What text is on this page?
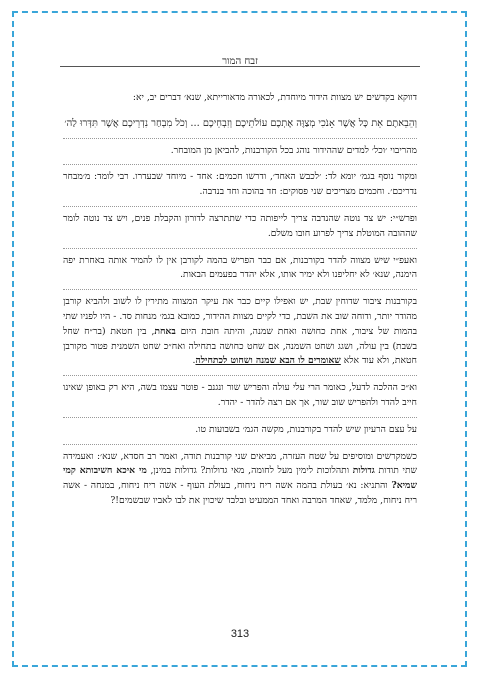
זבח המור

דווקא בקדשים יש מצוות הידור מיוחדת, לכאורה מדאורייתא, שנא׳ דברים יב, יא:

וְהֵבֵאתֶם אֵת כָּל אֲשֶׁר אָנֹכִי מְצַוֶּה אֶתְכֶם עוֹלֹתֵיכֶם וְזִבְחֵיכֶם ... וְכֹל מִבְחַר נִדְרֵיכֶם אֲשֶׁר תִּדְּרוּ לַה׳

מהריבוי ׳וכל׳ למדים שההידור נוהג בכל הקורבנות, להביאן מן המובחר.

ומקור נוסף בגמ׳ יומא לד: ׳לכבש האחד׳, ודרשו חכמים: אחד - מיוחד שבעדרו. רבי לומד: מ׳מבחר נדריכם׳. וחכמים מצריכים שני פסוקים: חד בהוכה וחד בנדבה.

ופרש״י: יש צד נוטה שהנדבה צריך לייפותה כדי שתתרצה לדורון והקבלת פנים, ויש צד נוטה לומר שההובה המוטלת צריך לפרוע חובו משלם.

ואעפ״י שיש מצווה להדר בקורבנות, אם כבר הפריש בהמה לקורבן אין לו להמיר אותה באחרת יפה הימנה, שנא׳ לא יחליפנו ולא ימיר אותו, אלא יהדר בפעמים הבאות.

בקורבנות ציבור שדוחין שבת, יש ואפילו קיים כבר את עיקר המצווה מתירין לו לשוב ולהביא קורבן מהודר יותר, ודוחה שוב את השבת, כדי לקיים מצוות ההידור, כמובא בגמ׳ מנחות סד. - היו לפניו שתי בהמות של ציבור, אחת כחושה ואחת שמנה, והיתה חובת היום באחת, בין חטאת (בר״ח שחל בשבת) בין עולה, ושגג ושחט השמנה, אם שחט כחושה בתחילה ואח״כ שחט השמנית פטור מקורבן חטאת, ולא עוד אלא שאומרים לו הבא שמנה ושחוט לכתחילה.

וא״כ ההלכה לדעל, כאומר הרי עלי עולה והפריש שור ונגנב - פוטר עצמו בשה, היא רק באופן שאינו חייב להדר ולהפריש שוב שור, אך אם רצה להדר - יהדר.

על עצם הרעיון שיש להדר בקורבנות, מקשה הגמ׳ בשבועות טו.

כשמקרשים ומוסיפים על שטח העזרה, מביאים שני קורבנות תודה, ואמר רב חסדא, שנא׳: ואעמידה שתי תודות גדולות ותהלוכות לימין מעל לחומה, מאי גדולות? גדולות במינן, מי איכא חשיבותא קמי שמיא? והתניא: נא׳ בעולת בהמה אשה ריח ניחוח, בעולת העוף - אשה ריח ניחוח, במנחה - אשה ריח ניחוח, מלמד, שאחד המרבה ואחד הממעיט ובלבד שיכוין את לבו לאביו שבשמים!?

313
